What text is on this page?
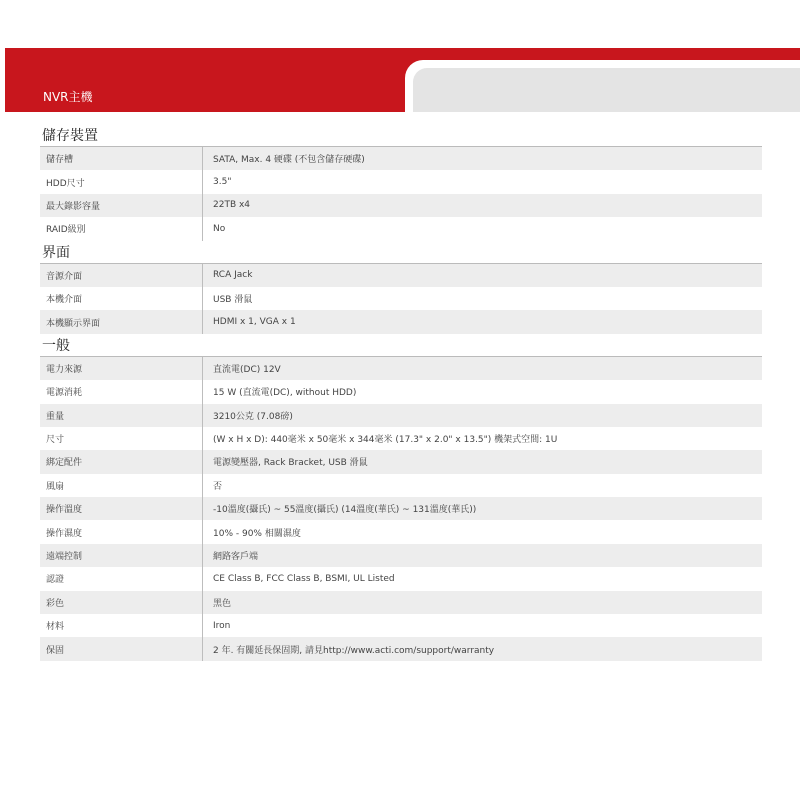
NVR主機
儲存裝置
儲存槽	SATA, Max. 4 硬碟 (不包含儲存硬碟)
HDD尺寸	3.5"
最大錄影容量	22TB x4
RAID級別	No
界面
音源介面	RCA Jack
本機介面	USB 滑鼠
本機顯示界面	HDMI x 1, VGA x 1
一般
電力來源	直流電(DC) 12V
電源消耗	15 W (直流電(DC), without HDD)
重量	3210公克 (7.08磅)
尺寸	(W x H x D): 440毫米 x 50毫米 x 344毫米 (17.3" x 2.0" x 13.5") 機架式空間: 1U
綁定配件	電源變壓器, Rack Bracket, USB 滑鼠
風扇	否
操作溫度	-10溫度(攝氏) ~ 55溫度(攝氏) (14溫度(華氏) ~ 131溫度(華氏))
操作濕度	10% - 90% 相關濕度
遠端控制	網路客戶端
認證	CE Class B, FCC Class B, BSMI, UL Listed
彩色	黑色
材料	Iron
保固	2 年. 有關延長保固期, 請見http://www.acti.com/support/warranty
